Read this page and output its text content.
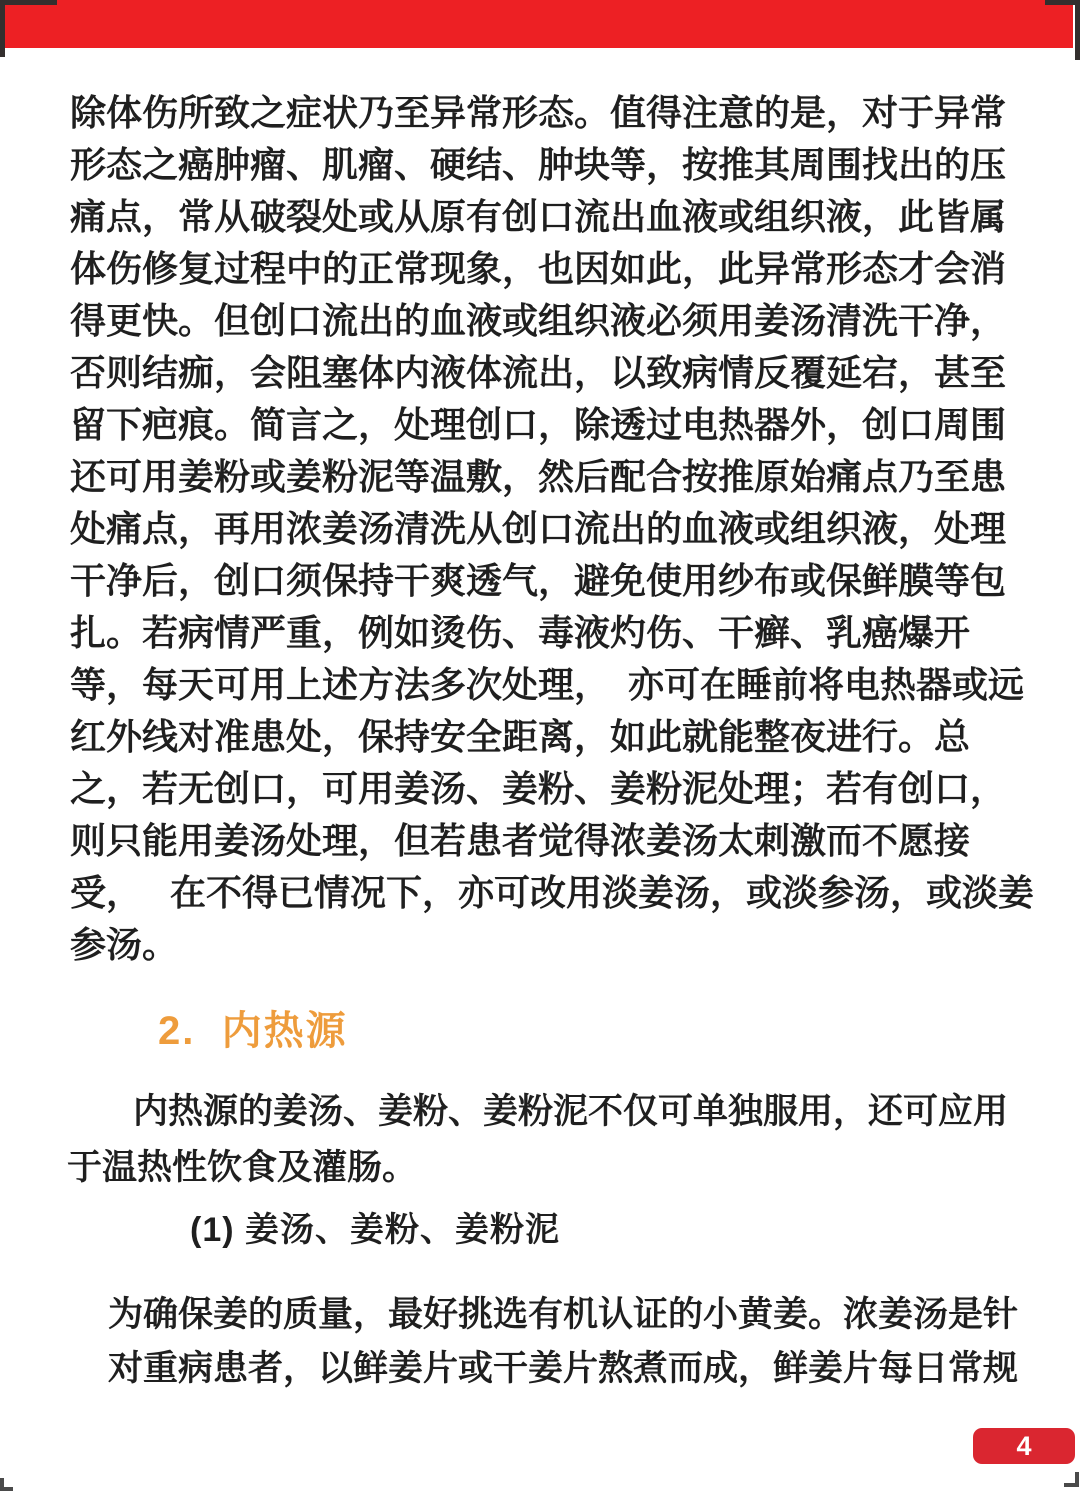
除体伤所致之症状乃至异常形态。值得注意的是，对于异常
形态之癌肿瘤、肌瘤、硬结、肿块等，按推其周围找出的压
痛点，常从破裂处或从原有创口流出血液或组织液，此皆属
体伤修复过程中的正常现象，也因如此，此异常形态才会消
得更快。但创口流出的血液或组织液必须用姜汤清洗干净，
否则结痂，会阻塞体内液体流出，以致病情反覆延宕，甚至
留下疤痕。简言之，处理创口，除透过电热器外，创口周围
还可用姜粉或姜粉泥等温敷，然后配合按推原始痛点乃至患
处痛点，再用浓姜汤清洗从创口流出的血液或组织液，处理
干净后，创口须保持干爽透气，避免使用纱布或保鲜膜等包
扎。若病情严重，例如烫伤、毒液灼伤、干癣、乳癌爆开
等，每天可用上述方法多次处理，　亦可在睡前将电热器或远
红外线对准患处，保持安全距离，如此就能整夜进行。总
之，若无创口，可用姜汤、姜粉、姜粉泥处理；若有创口，
则只能用姜汤处理，但若患者觉得浓姜汤太刺激而不愿接
受，　 在不得已情况下，亦可改用淡姜汤，或淡参汤，或淡姜
参汤。
2.  内热源
内热源的姜汤、姜粉、姜粉泥不仅可单独服用，还可应用
于温热性饮食及灌肠。
(1) 姜汤、姜粉、姜粉泥
为确保姜的质量，最好挑选有机认证的小黄姜。浓姜汤是针
对重病患者，以鲜姜片或干姜片熬煮而成，鲜姜片每日常规
4
